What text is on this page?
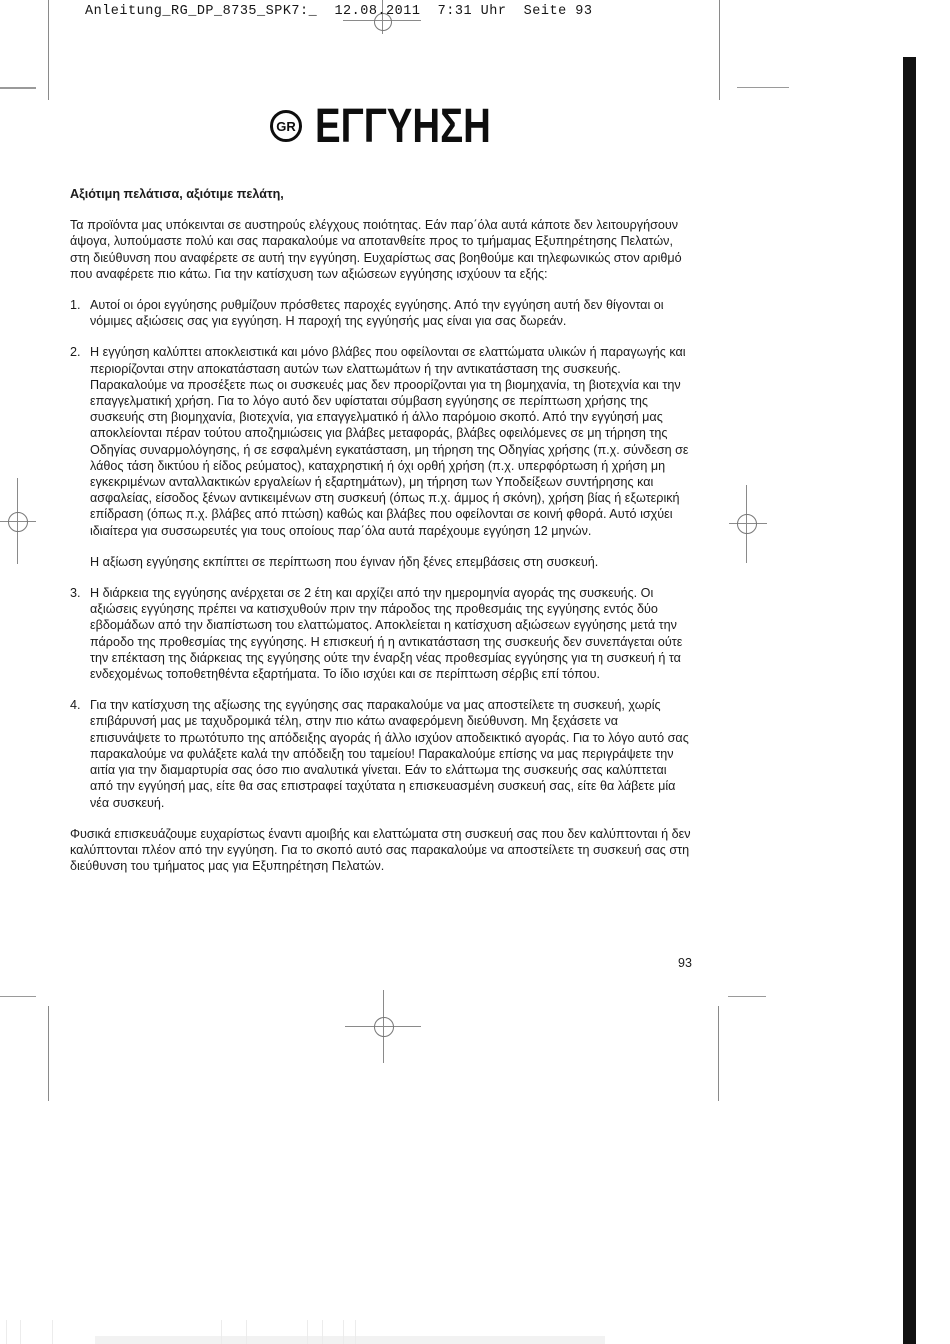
Anleitung_RG_DP_8735_SPK7:_  12.08.2011  7:31 Uhr  Seite 93
GR ΕΓΓΥΗΣΗ

Αξιότιμη πελάτισα, αξιότιμε πελάτη,

Τα προϊόντα μας υπόκεινται σε αυστηρούς ελέγχους ποιότητας. Εάν παρ΄όλα αυτά κάποτε δεν λειτουργήσουν άψογα, λυπούμαστε πολύ και σας παρακαλούμε να αποτανθείτε προς το τμήμαμας Εξυπηρέτησης Πελατών, στη διεύθυνση που αναφέρετε σε αυτή την εγγύηση. Ευχαρίστως σας βοηθούμε και τηλεφωνικώς στον αριθμό που αναφέρετε πιο κάτω. Για την κατίσχυση των αξιώσεων εγγύησης ισχύουν τα εξής:

1. Αυτοί οι όροι εγγύησης ρυθμίζουν πρόσθετες παροχές εγγύησης. Από την εγγύηση αυτή δεν θίγονται οι νόμιμες αξιώσεις σας για εγγύηση. Η παροχή της εγγύησής μας είναι για σας δωρεάν.
2. Η εγγύηση καλύπτει αποκλειστικά και μόνο βλάβες που οφείλονται σε ελαττώματα υλικών ή παραγωγής και περιορίζονται στην αποκατάσταση αυτών των ελαττωμάτων ή την αντικατάσταση της συσκευής. Παρακαλούμε να προσέξετε πως οι συσκευές μας δεν προορίζονται για τη βιομηχανία, τη βιοτεχνία και την επαγγελματική χρήση. Για το λόγο αυτό δεν υφίσταται σύμβαση εγγύησης σε περίπτωση χρήσης της συσκευής στη βιομηχανία, βιοτεχνία, για επαγγελματικό ή άλλο παρόμοιο σκοπό. Από την εγγύησή μας αποκλείονται πέραν τούτου αποζημιώσεις για βλάβες μεταφοράς, βλάβες οφειλόμενες σε μη τήρηση της Οδηγίας συναρμολόγησης, ή σε εσφαλμένη εγκατάσταση, μη τήρηση της Οδηγίας χρήσης (π.χ. σύνδεση σε λάθος τάση δικτύου ή είδος ρεύματος), καταχρηστική ή όχι ορθή χρήση (π.χ. υπερφόρτωση ή χρήση μη εγκεκριμένων ανταλλακτικών εργαλείων ή εξαρτημάτων), μη τήρηση των Υποδείξεων συντήρησης και ασφαλείας, είσοδος ξένων αντικειμένων στη συσκευή (όπως π.χ. άμμος ή σκόνη), χρήση βίας ή εξωτερική επίδραση (όπως π.χ. βλάβες από πτώση) καθώς και βλάβες που οφείλονται σε κοινή φθορά. Αυτό ισχύει ιδιαίτερα για συσσωρευτές για τους οποίους παρ΄όλα αυτά παρέχουμε εγγύηση 12 μηνών.
Η αξίωση εγγύησης εκπίπτει σε περίπτωση που έγιναν ήδη ξένες επεμβάσεις στη συσκευή.
3. Η διάρκεια της εγγύησης ανέρχεται σε 2 έτη και αρχίζει από την ημερομηνία αγοράς της συσκευής. Οι αξιώσεις εγγύησης πρέπει να κατισχυθούν πριν την πάροδος της προθεσμάις της εγγύησης εντός δύο εβδομάδων από την διαπίστωση του ελαττώματος. Αποκλείεται η κατίσχυση αξιώσεων εγγύησης μετά την πάροδο της προθεσμίας της εγγύησης. Η επισκευή ή η αντικατάσταση της συσκευής δεν συνεπάγεται ούτε την επέκταση της διάρκειας της εγγύησης ούτε την έναρξη νέας προθεσμίας εγγύησης για τη συσκευή ή τα ενδεχομένως τοποθετηθέντα εξαρτήματα. Το ίδιο ισχύει και σε περίπτωση σέρβις επί τόπου.
4. Για την κατίσχυση της αξίωσης της εγγύησης σας παρακαλούμε να μας αποστείλετε τη συσκευή, χωρίς επιβάρυνσή μας με ταχυδρομικά τέλη, στην πιο κάτω αναφερόμενη διεύθυνση. Μη ξεχάσετε να επισυνάψετε το πρωτότυπο της απόδειξης αγοράς ή άλλο ισχύον αποδεικτικό αγοράς. Για το λόγο αυτό σας παρακαλούμε να φυλάξετε καλά την απόδειξη του ταμείου! Παρακαλούμε επίσης να μας περιγράψετε την αιτία για την διαμαρτυρία σας όσο πιο αναλυτικά γίνεται. Εάν το ελάττωμα της συσκευής σας καλύπτεται από την εγγύησή μας, είτε θα σας επιστραφεί ταχύτατα η επισκευασμένη συσκευή σας, είτε θα λάβετε μία νέα συσκευή.

Φυσικά επισκευάζουμε ευχαρίστως έναντι αμοιβής και ελαττώματα στη συσκευή σας που δεν καλύπτονται ή δεν καλύπτονται πλέον από την εγγύηση. Για το σκοπό αυτό σας παρακαλούμε να αποστείλετε τη συσκευή σας στη διεύθυνση του τμήματος μας για Εξυπηρέτηση Πελατών.

93
